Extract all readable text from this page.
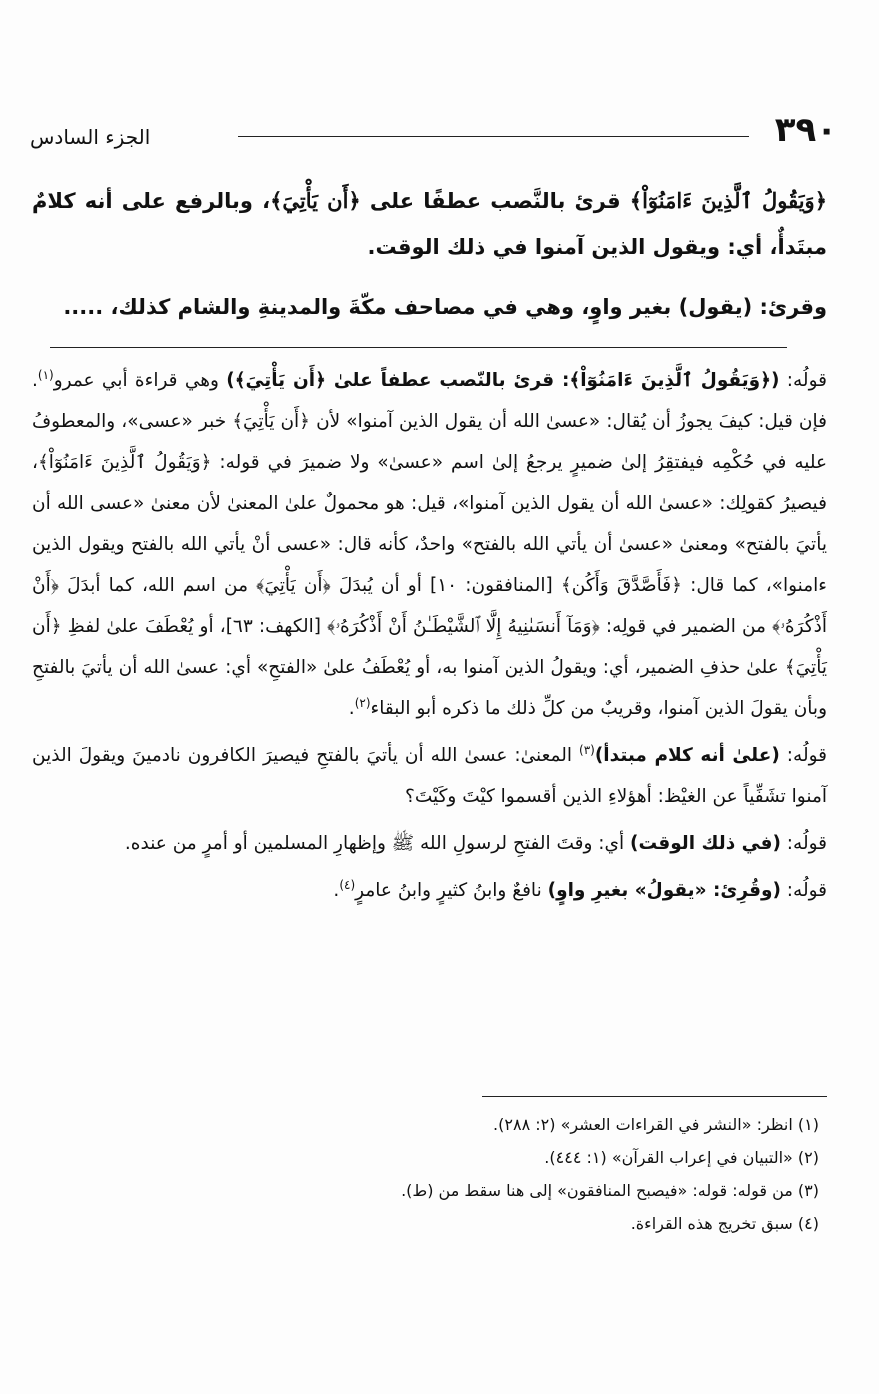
٣٩٠
الجزء السادس

﴿وَيَقُولُ ٱلَّذِينَ ءَامَنُوٓاْ﴾ قرئ بالنَّصب عطفًا على ﴿أَن يَأْتِيَ﴾، وبالرفع على أنه كلامٌ مبتَدأٌ، أي: ويقول الذين آمنوا في ذلك الوقت.

وقرئ: (يقول) بغير واوٍ، وهي في مصاحف مكّةَ والمدينةِ والشام كذلك، .....

قولُه: (﴿وَيَقُولُ ٱلَّذِينَ ءَامَنُوٓاْ﴾: قرئ بالنّصب عطفاً علىٰ ﴿أَن يَأْتِيَ﴾) وهي قراءة أبي عمرو$^{(١)}$. فإن قيل: كيفَ يجوزُ أن يُقال: «عسىٰ الله أن يقول الذين آمنوا» لأن ﴿أَن يَأْتِيَ﴾ خبر «عسى»، والمعطوفُ عليه في حُكْمِه فيفتقِرُ إلىٰ ضميرٍ يرجعُ إلىٰ اسم «عسىٰ» ولا ضميرَ في قوله: ﴿وَيَقُولُ ٱلَّذِينَ ءَامَنُوٓاْ﴾، فيصيرُ كقولِك: «عسىٰ الله أن يقول الذين آمنوا»، قيل: هو محمولٌ علىٰ المعنىٰ لأن معنىٰ «عسى الله أن يأتيَ بالفتح» ومعنىٰ «عسىٰ أن يأتي الله بالفتح» واحدٌ، كأنه قال: «عسى أنْ يأتي الله بالفتح ويقول الذين ءامنوا»، كما قال: ﴿فَأَصَّدَّقَ وَأَكُن﴾ [المنافقون: ١٠] أو أن يُبدَلَ ﴿أَن يَأْتِيَ﴾ من اسم الله، كما أبدَلَ ﴿أَنْ أَذْكُرَهُۥ﴾ من الضمير في قولِه: ﴿وَمَآ أَنسَىٰنِيهُ إِلَّا ٱلشَّيْطَـٰنُ أَنْ أَذْكُرَهُۥ﴾ [الكهف: ٦٣]، أو يُعْطَفَ علىٰ لفظِ ﴿أَن يَأْتِيَ﴾ علىٰ حذفِ الضمير، أي: ويقولُ الذين آمنوا به، أو يُعْطَفُ علىٰ «الفتحِ» أي: عسىٰ الله أن يأتيَ بالفتحِ وبأن يقولَ الذين آمنوا، وقريبٌ من كلِّ ذلك ما ذكره أبو البقاء$^{(٢)}$.

قولُه: (علىٰ أنه كلام مبتدأ)$^{(٣)}$ المعنىٰ: عسىٰ الله أن يأتيَ بالفتحِ فيصيرَ الكافرون نادمينَ ويقولَ الذين آمنوا تشَفِّياً عن الغيْظ: أهؤلاءِ الذين أقسموا كيْتَ وكَيْتَ؟

قولُه: (في ذلك الوقت) أي: وقتَ الفتحِ لرسولِ الله ﷺ وإظهارِ المسلمين أو أمرٍ من عنده.

قولُه: (وقُرِئ: «يقولُ» بغيرِ واوٍ) نافعٌ وابنُ كثيرٍ وابنُ عامرٍ$^{(٤)}$.

(١) انظر: «النشر في القراءات العشر» (٢: ٢٨٨).

(٢) «التبيان في إعراب القرآن» (١: ٤٤٤).

(٣) من قوله: قوله: «فيصبح المنافقون» إلى هنا سقط من (ط).

(٤) سبق تخريج هذه القراءة.
